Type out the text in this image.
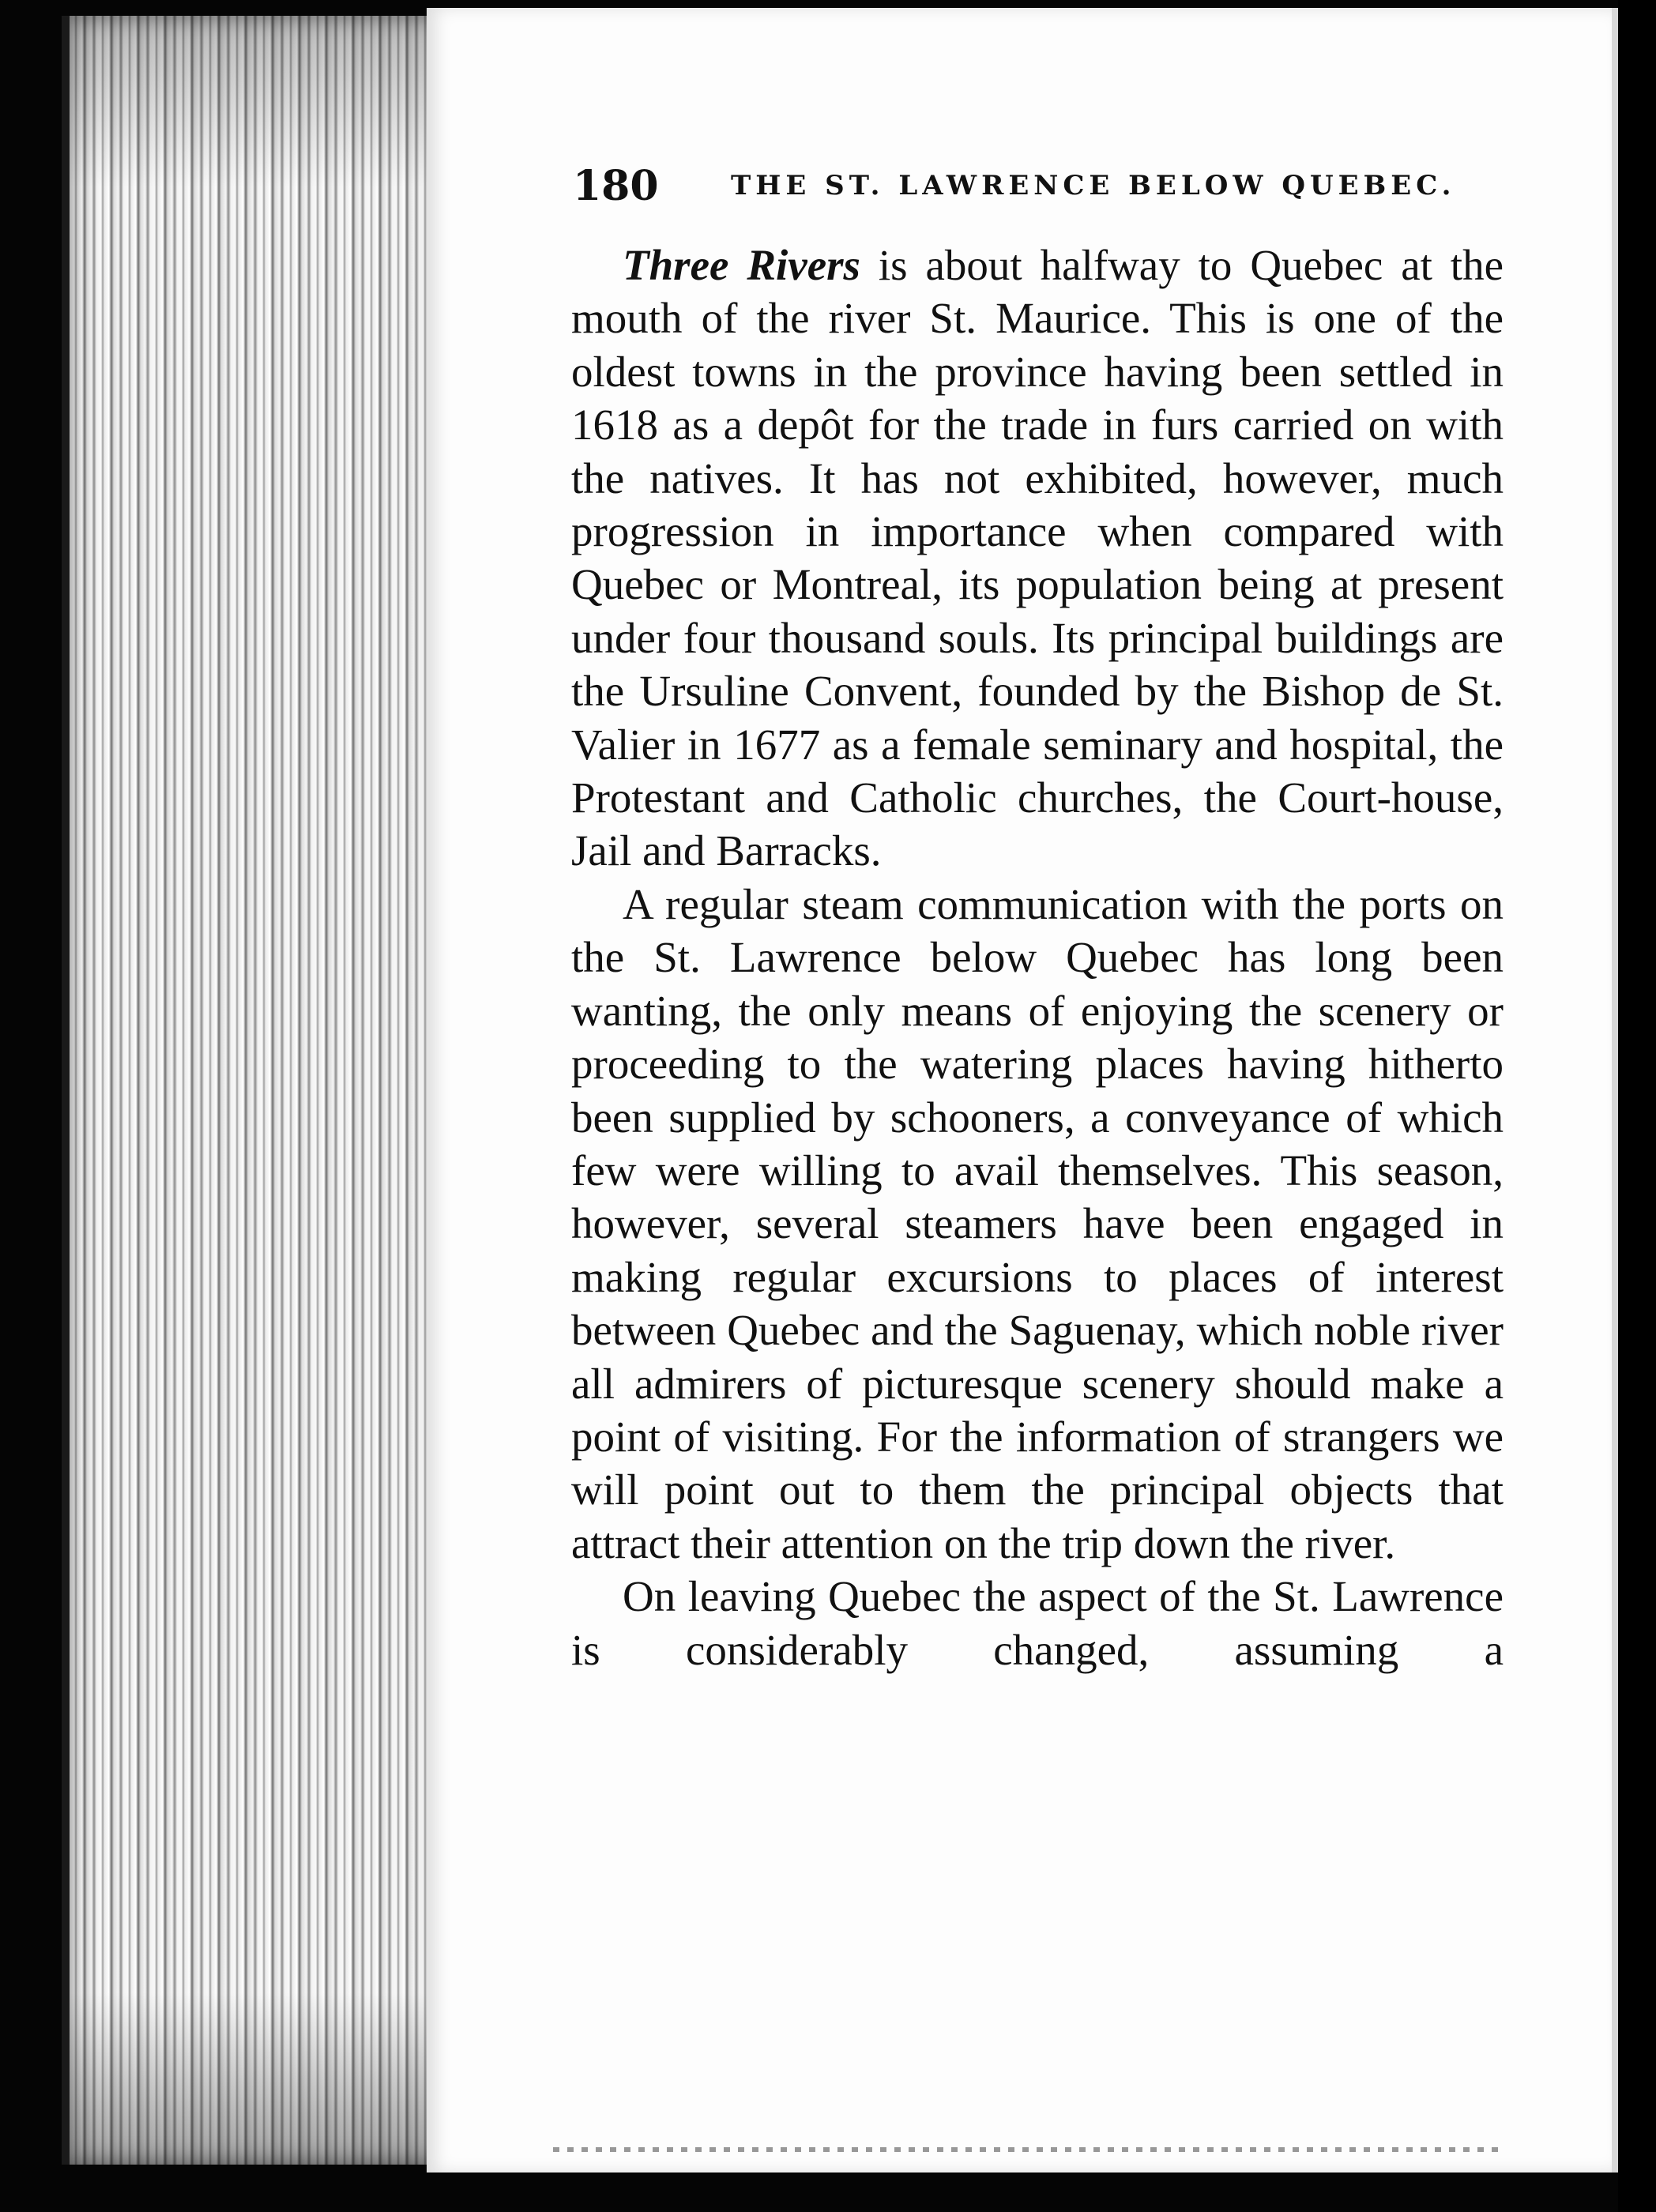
180	THE ST. LAWRENCE BELOW QUEBEC.

Three Rivers is about halfway to Quebec at the mouth of the river St. Maurice. This is one of the oldest towns in the province having been settled in 1618 as a depôt for the trade in furs carried on with the natives. It has not exhibited, however, much progression in importance when compared with Quebec or Montreal, its population being at present under four thousand souls. Its principal buildings are the Ursuline Convent, founded by the Bishop de St. Valier in 1677 as a female seminary and hospital, the Protestant and Catholic churches, the Court-house, Jail and Barracks.

A regular steam communication with the ports on the St. Lawrence below Quebec has long been wanting, the only means of enjoying the scenery or proceeding to the watering places having hitherto been supplied by schooners, a conveyance of which few were willing to avail themselves. This season, however, several steamers have been engaged in making regular excursions to places of interest between Quebec and the Saguenay, which noble river all admirers of picturesque scenery should make a point of visiting. For the information of strangers we will point out to them the principal objects that attract their attention on the trip down the river.

On leaving Quebec the aspect of the St. Lawrence is considerably changed, assuming a
